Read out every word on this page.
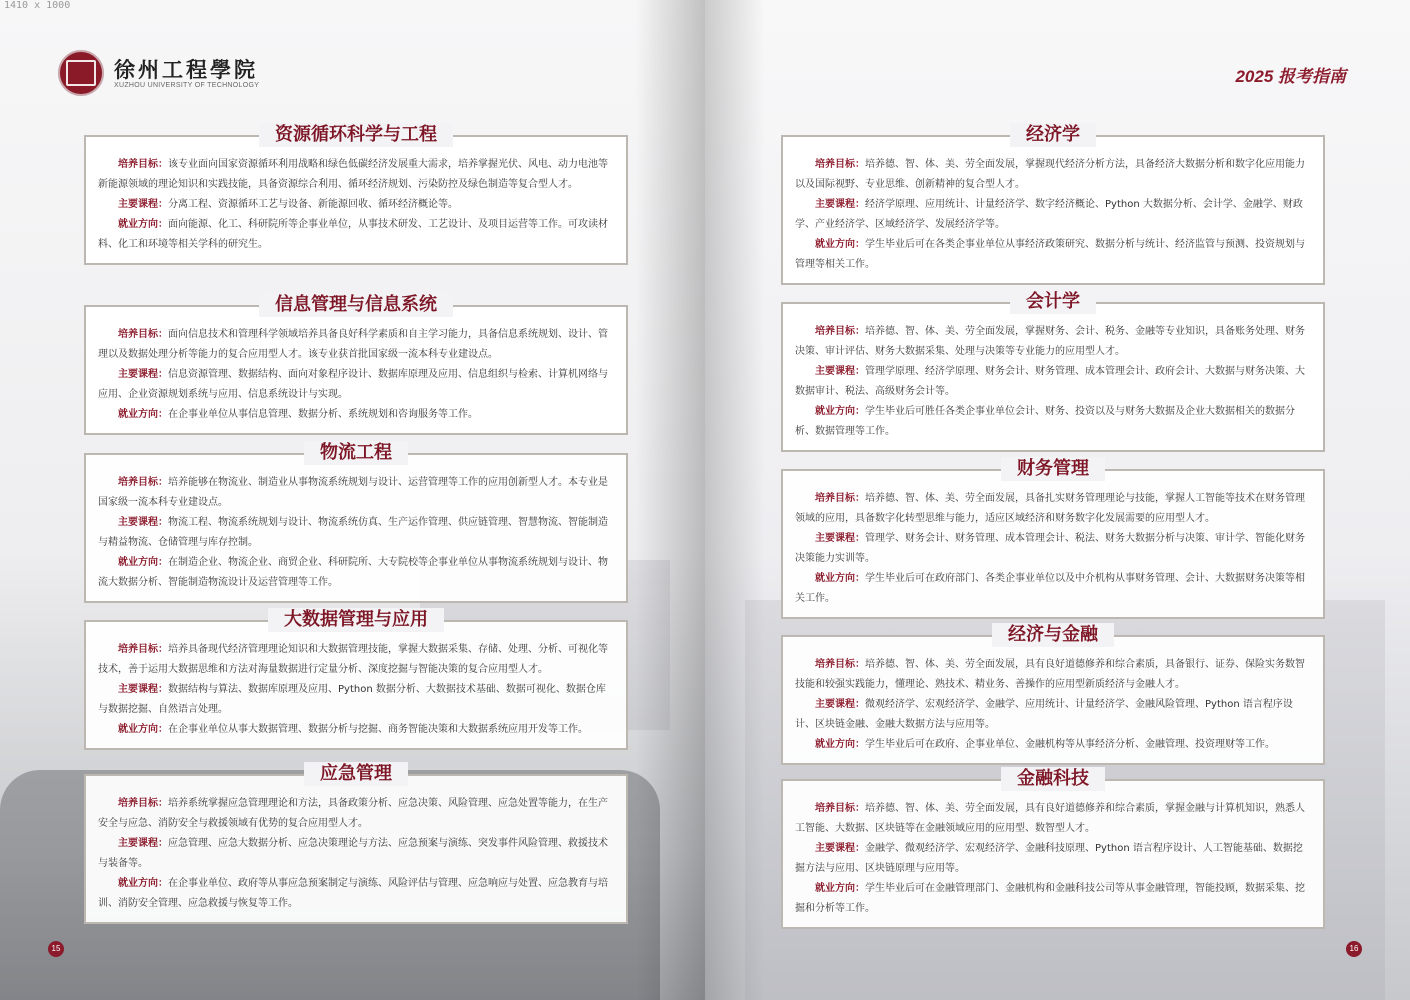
1410 x 1000
徐州工程學院
XUZHOU UNIVERSITY OF TECHNOLOGY
资源循环科学与工程

培养目标：该专业面向国家资源循环利用战略和绿色低碳经济发展重大需求，培养掌握光伏、风电、动力电池等新能源领域的理论知识和实践技能，具备资源综合利用、循环经济规划、污染防控及绿色制造等复合型人才。

主要课程：分离工程、资源循环工艺与设备、新能源回收、循环经济概论等。

就业方向：面向能源、化工、科研院所等企事业单位，从事技术研发、工艺设计、及项目运营等工作。可攻读材料、化工和环境等相关学科的研究生。

信息管理与信息系统

培养目标：面向信息技术和管理科学领域培养具备良好科学素质和自主学习能力，具备信息系统规划、设计、管理以及数据处理分析等能力的复合应用型人才。该专业获首批国家级一流本科专业建设点。

主要课程：信息资源管理、数据结构、面向对象程序设计、数据库原理及应用、信息组织与检索、计算机网络与应用、企业资源规划系统与应用、信息系统设计与实现。

就业方向：在企事业单位从事信息管理、数据分析、系统规划和咨询服务等工作。

物流工程

培养目标：培养能够在物流业、制造业从事物流系统规划与设计、运营管理等工作的应用创新型人才。本专业是国家级一流本科专业建设点。

主要课程：物流工程、物流系统规划与设计、物流系统仿真、生产运作管理、供应链管理、智慧物流、智能制造与精益物流、仓储管理与库存控制。

就业方向：在制造企业、物流企业、商贸企业、科研院所、大专院校等企事业单位从事物流系统规划与设计、物流大数据分析、智能制造物流设计及运营管理等工作。

大数据管理与应用

培养目标：培养具备现代经济管理理论知识和大数据管理技能，掌握大数据采集、存储、处理、分析、可视化等技术，善于运用大数据思维和方法对海量数据进行定量分析、深度挖掘与智能决策的复合应用型人才。

主要课程：数据结构与算法、数据库原理及应用、Python 数据分析、大数据技术基础、数据可视化、数据仓库与数据挖掘、自然语言处理。

就业方向：在企事业单位从事大数据管理、数据分析与挖掘、商务智能决策和大数据系统应用开发等工作。

应急管理

培养目标：培养系统掌握应急管理理论和方法，具备政策分析、应急决策、风险管理、应急处置等能力，在生产安全与应急、消防安全与救援领域有优势的复合应用型人才。

主要课程：应急管理、应急大数据分析、应急决策理论与方法、应急预案与演练、突发事件风险管理、救援技术与装备等。

就业方向：在企事业单位、政府等从事应急预案制定与演练、风险评估与管理、应急响应与处置、应急教育与培训、消防安全管理、应急救援与恢复等工作。

15
2025 报考指南
经济学

培养目标：培养德、智、体、美、劳全面发展，掌握现代经济分析方法，具备经济大数据分析和数字化应用能力以及国际视野、专业思维、创新精神的复合型人才。

主要课程：经济学原理、应用统计、计量经济学、数字经济概论、Python 大数据分析、会计学、金融学、财政学、产业经济学、区域经济学、发展经济学等。

就业方向：学生毕业后可在各类企事业单位从事经济政策研究、数据分析与统计、经济监管与预测、投资规划与管理等相关工作。

会计学

培养目标：培养德、智、体、美、劳全面发展，掌握财务、会计、税务、金融等专业知识，具备账务处理、财务决策、审计评估、财务大数据采集、处理与决策等专业能力的应用型人才。

主要课程：管理学原理、经济学原理、财务会计、财务管理、成本管理会计、政府会计、大数据与财务决策、大数据审计、税法、高级财务会计等。

就业方向：学生毕业后可胜任各类企事业单位会计、财务、投资以及与财务大数据及企业大数据相关的数据分析、数据管理等工作。

财务管理

培养目标：培养德、智、体、美、劳全面发展，具备扎实财务管理理论与技能，掌握人工智能等技术在财务管理领域的应用，具备数字化转型思维与能力，适应区域经济和财务数字化发展需要的应用型人才。

主要课程：管理学、财务会计、财务管理、成本管理会计、税法、财务大数据分析与决策、审计学、智能化财务决策能力实训等。

就业方向：学生毕业后可在政府部门、各类企事业单位以及中介机构从事财务管理、会计、大数据财务决策等相关工作。

经济与金融

培养目标：培养德、智、体、美、劳全面发展，具有良好道德修养和综合素质，具备银行、证券、保险实务数智技能和较强实践能力，懂理论、熟技术、精业务、善操作的应用型新质经济与金融人才。

主要课程：微观经济学、宏观经济学、金融学、应用统计、计量经济学、金融风险管理、Python 语言程序设计、区块链金融、金融大数据方法与应用等。

就业方向：学生毕业后可在政府、企事业单位、金融机构等从事经济分析、金融管理、投资理财等工作。

金融科技

培养目标：培养德、智、体、美、劳全面发展，具有良好道德修养和综合素质，掌握金融与计算机知识，熟悉人工智能、大数据、区块链等在金融领域应用的应用型、数智型人才。

主要课程：金融学、微观经济学、宏观经济学、金融科技原理、Python 语言程序设计、人工智能基础、数据挖掘方法与应用、区块链原理与应用等。

就业方向：学生毕业后可在金融管理部门、金融机构和金融科技公司等从事金融管理，智能投顾，数据采集、挖掘和分析等工作。

16
